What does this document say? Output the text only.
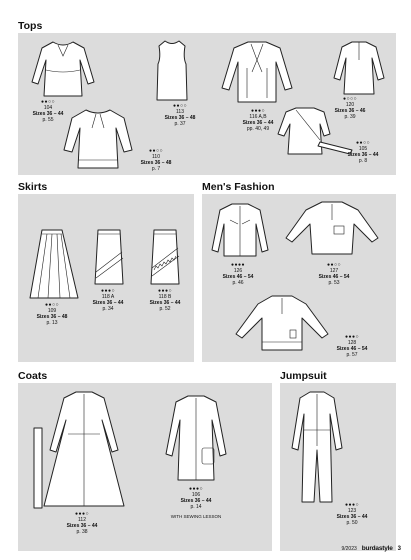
Tops
●●○○
104
Sizes 36 – 44
p. 55
●●○○
113
Sizes 36 – 48
p. 37
●●●○
116 A,B
Sizes 36 – 44
pp. 40, 49
●○○○
120
Sizes 36 – 46
p. 39
●●○○
110
Sizes 36 – 48
p. 7
●●○○
105
Sizes 36 – 44
p. 8
Skirts
●●○○
109
Sizes 36 – 48
p. 13
●●●○
118 A
Sizes 36 – 44
p. 34
●●●○
118 B
Sizes 36 – 44
p. 52
Men's Fashion
●●●●
126
Sizes 46 – 54
p. 46
●●○○
127
Sizes 46 – 54
p. 53
●●●○
128
Sizes 46 – 54
p. 57
Coats
●●●○
112
Sizes 36 – 44
p. 38
●●●○
106
Sizes 36 – 44
p. 14
WITH SEWING LESSON
Jumpsuit
●●●○
123
Sizes 36 – 44
p. 50
9/2023 burdastyle 3
